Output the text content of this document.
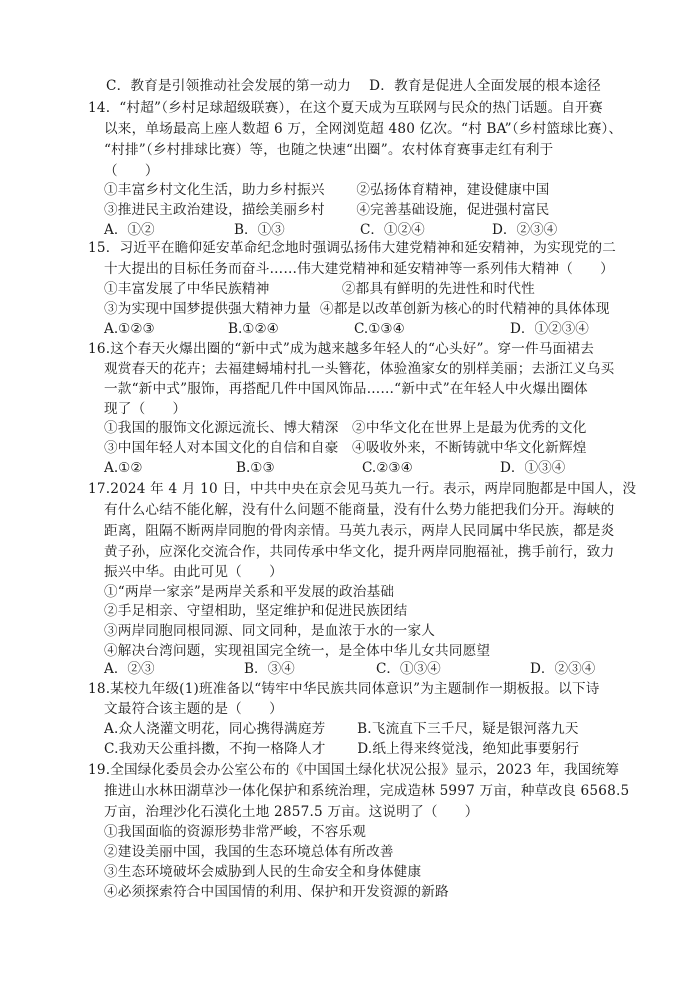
C．教育是引领推动社会发展的第一动力    D．教育是促进人全面发展的根本途径
14.  “村超”（乡村足球超级联赛），在这个夏天成为互联网与民众的热门话题。自开赛
以来，单场最高上座人数超 6 万，全网浏览超 480 亿次。“村 BA”（乡村篮球比赛）、
“村排”（乡村排球比赛）等，也随之快速“出圈”。农村体育赛事走红有利于
（      ）
①丰富乡村文化生活，助力乡村振兴       ②弘扬体育精神，建设健康中国
③推进民主政治建设，描绘美丽乡村       ④完善基础设施，促进强村富民
A．①②	B．①③	C．①②④	D．②③④
15．习近平在瞻仰延安革命纪念地时强调弘扬伟大建党精神和延安精神，为实现党的二
十大提出的目标任务而奋斗……伟大建党精神和延安精神等一系列伟大精神（      ）
①丰富发展了中华民族精神                ②都具有鲜明的先进性和时代性
③为实现中国梦提供强大精神力量  ④都是以改革创新为核心的时代精神的具体体现
A.①②③	B.①②④	C.①③④	D．①②③④
16.这个春天火爆出圈的“新中式”成为越来越多年轻人的“心头好”。穿一件马面裙去
观赏春天的花卉；去福建蟳埔村扎一头簪花，体验渔家女的别样美丽；去浙江义乌买
一款“新中式”服饰，再搭配几件中国风饰品……“新中式”在年轻人中火爆出圈体
现了（      ）
①我国的服饰文化源远流长、博大精深   ②中华文化在世界上是最为优秀的文化
③中国年轻人对本国文化的自信和自豪   ④吸收外来，不断铸就中华文化新辉煌
A.①②	B.①③	C.②③④	D．①③④
17.2024 年 4 月 10 日，中共中央在京会见马英九一行。表示，两岸同胞都是中国人，没
有什么心结不能化解，没有什么问题不能商量，没有什么势力能把我们分开。海峡的
距离，阻隔不断两岸同胞的骨肉亲情。马英九表示，两岸人民同属中华民族，都是炎
黄子孙，应深化交流合作，共同传承中华文化，提升两岸同胞福祉，携手前行，致力
振兴中华。由此可见（      ）
①“两岸一家亲”是两岸关系和平发展的政治基础
②手足相亲、守望相助，坚定维护和促进民族团结
③两岸同胞同根同源、同文同种，是血浓于水的一家人
④解决台湾问题，实现祖国完全统一，是全体中华儿女共同愿望
A．②③	B．③④	C．①③④	D．②③④
18.某校九年级(1)班准备以“铸牢中华民族共同体意识”为主题制作一期板报。以下诗
文最符合该主题的是（      ）
A.众人浇灌文明花，同心携得满庭芳       B.飞流直下三千尺，疑是银河落九天
C.我劝天公重抖擞，不拘一格降人才       D.纸上得来终觉浅，绝知此事要躬行
19.全国绿化委员会办公室公布的《中国国土绿化状况公报》显示，2023 年，我国统筹
推进山水林田湖草沙一体化保护和系统治理，完成造林 5997 万亩，种草改良 6568.5
万亩，治理沙化石漠化土地 2857.5 万亩。这说明了（      ）
①我国面临的资源形势非常严峻，不容乐观
②建设美丽中国，我国的生态环境总体有所改善
③生态环境破坏会威胁到人民的生命安全和身体健康
④必须探索符合中国国情的利用、保护和开发资源的新路
